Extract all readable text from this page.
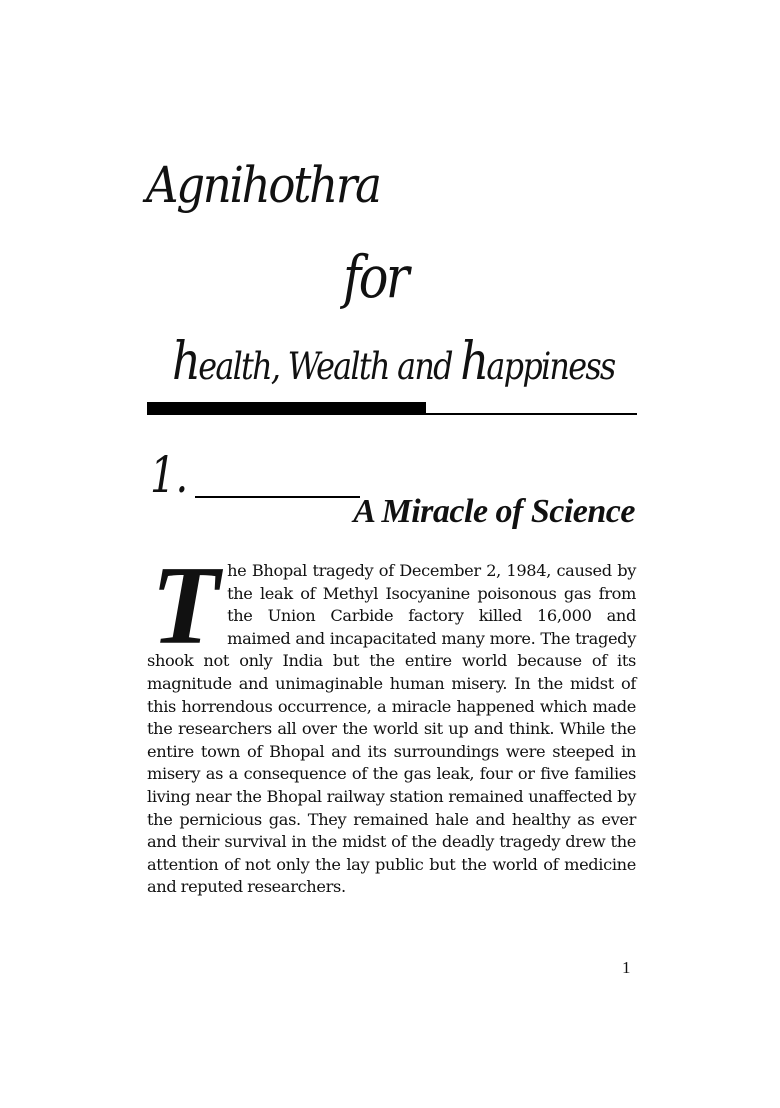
Agnihothra
for
health, Wealth and happiness
1.
A Miracle of Science
The Bhopal tragedy of December 2, 1984, caused by the leak of Methyl Isocyanine poisonous gas from the Union Carbide factory killed 16,000 and maimed and incapacitated many more. The tragedy shook not only India but the entire world because of its magnitude and unimaginable human misery. In the midst of this horrendous occurrence, a miracle happened which made the researchers all over the world sit up and think. While the entire town of Bhopal and its surroundings were steeped in misery as a consequence of the gas leak, four or five families living near the Bhopal railway station remained unaffected by the pernicious gas. They remained hale and healthy as ever and their survival in the midst of the deadly tragedy drew the attention of not only the lay public but the world of medicine and reputed researchers.
1
